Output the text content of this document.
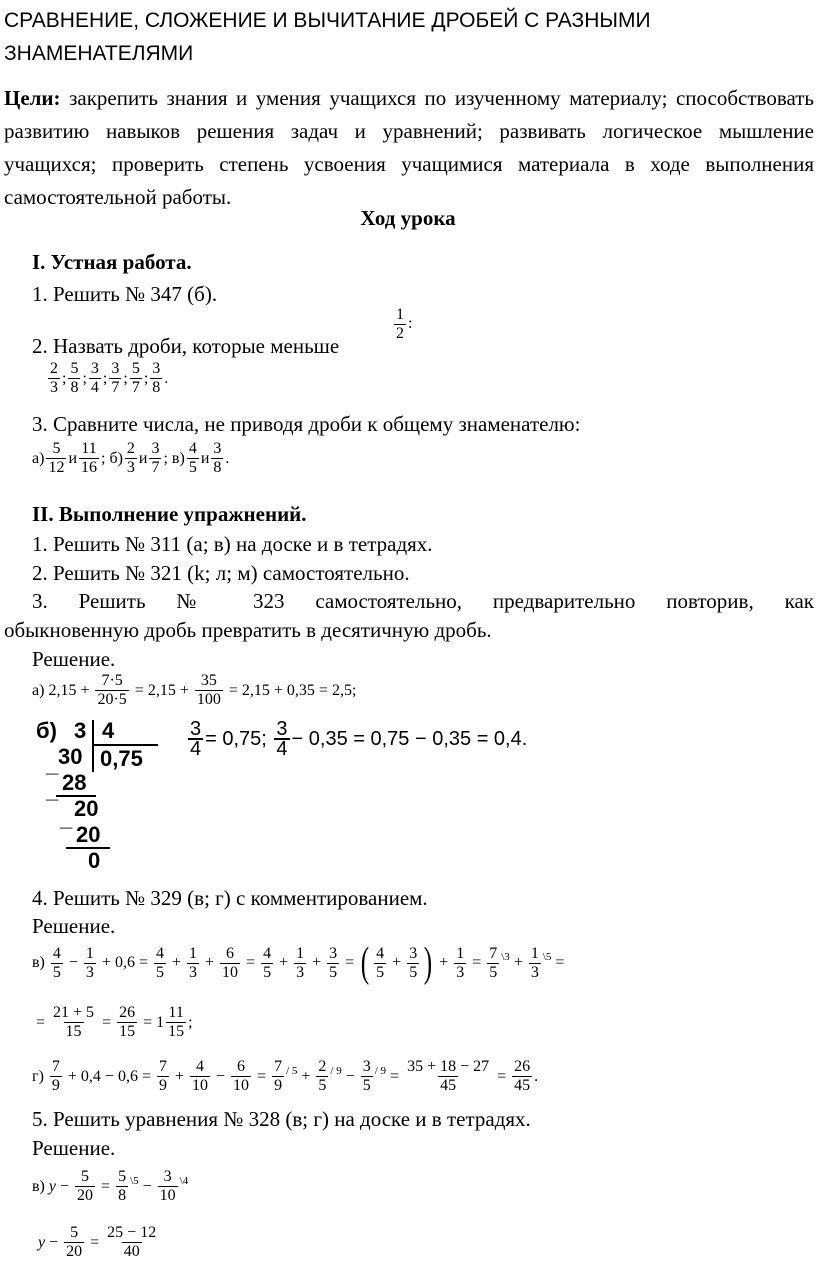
СРАВНЕНИЕ, СЛОЖЕНИЕ И ВЫЧИТАНИЕ ДРОБЕЙ С РАЗНЫМИ ЗНАМЕНАТЕЛЯМИ
Цели: закрепить знания и умения учащихся по изученному материалу; способствовать развитию навыков решения задач и уравнений; развивать логическое мышление учащихся; проверить степень усвоения учащимися материала в ходе выполнения самостоятельной работы.
Ход урока
I. Устная работа.
1. Решить № 347 (б).
2. Назвать дроби, которые меньше
$\frac{1}{2}$ :
2
3
;
5
8
;
3
4
;
3
7
;
5
7
;
3
8
.
3. Сравните числа, не приводя дроби к общему знаменателю:
а)
5
12
и
11
16
; б)
2
3
и
3
7
; в)
4
5
и
3
8
.
II. Выполнение упражнений.
1. Решить № 311 (а; в) на доске и в тетрадях.
2. Решить № 321 (k; л; м) самостоятельно.
3. Решить № 323 самостоятельно, предварительно повторив, как
обыкновенную дробь превратить в десятичную дробь.
Решение.
а)
$2,15 + \frac{7\cdot 5}{20\cdot 5} = 2,15 + \frac{35}{100} = 2,15 + 0,35 = 2,5$;
б) 3 4
30 0,75
_
28
_
20
_
20
0
$\frac{3}{4} = 0,75$;
3
4 − 0,35 = 0,75 − 0,35 = 0,4.
4. Решить № 329 (в; г) с комментированием.
Решение.
в)

4
5
− $\frac{1}{3} + 0,6 = \frac{4}{5} + \frac{1}{3} + \frac{6}{10} = \frac{4}{5} + \frac{1}{3} + \frac{3}{5}$ = ( 4
5
+ $\frac{3}{5}$ ) + $\frac{1}{3} = \frac{7}{5}$ \3 + $\frac{1}{3}$ \5 =
= $\frac{21 + 5}{15} = \frac{26}{15} = 1$
11
15
;
г)

7
9
+ $0,4 - 0,6 = \frac{7}{9} + \frac{4}{10} - \frac{6}{10} = \frac{7}{9} / 5 + \frac{2}{5} / 9 - \frac{3}{5} / 9 = \frac{35 + 18 - 27}{45} = \frac{26}{45}$ .
5. Решить уравнения № 328 (в; г) на доске и в тетрадях.
Решение.
в)
$y - \frac{5}{20} = \frac{5}{8}$ \5 − $\frac{3}{10}$ \4
$y - \frac{5}{20} = \frac{25 - 12}{40}$
